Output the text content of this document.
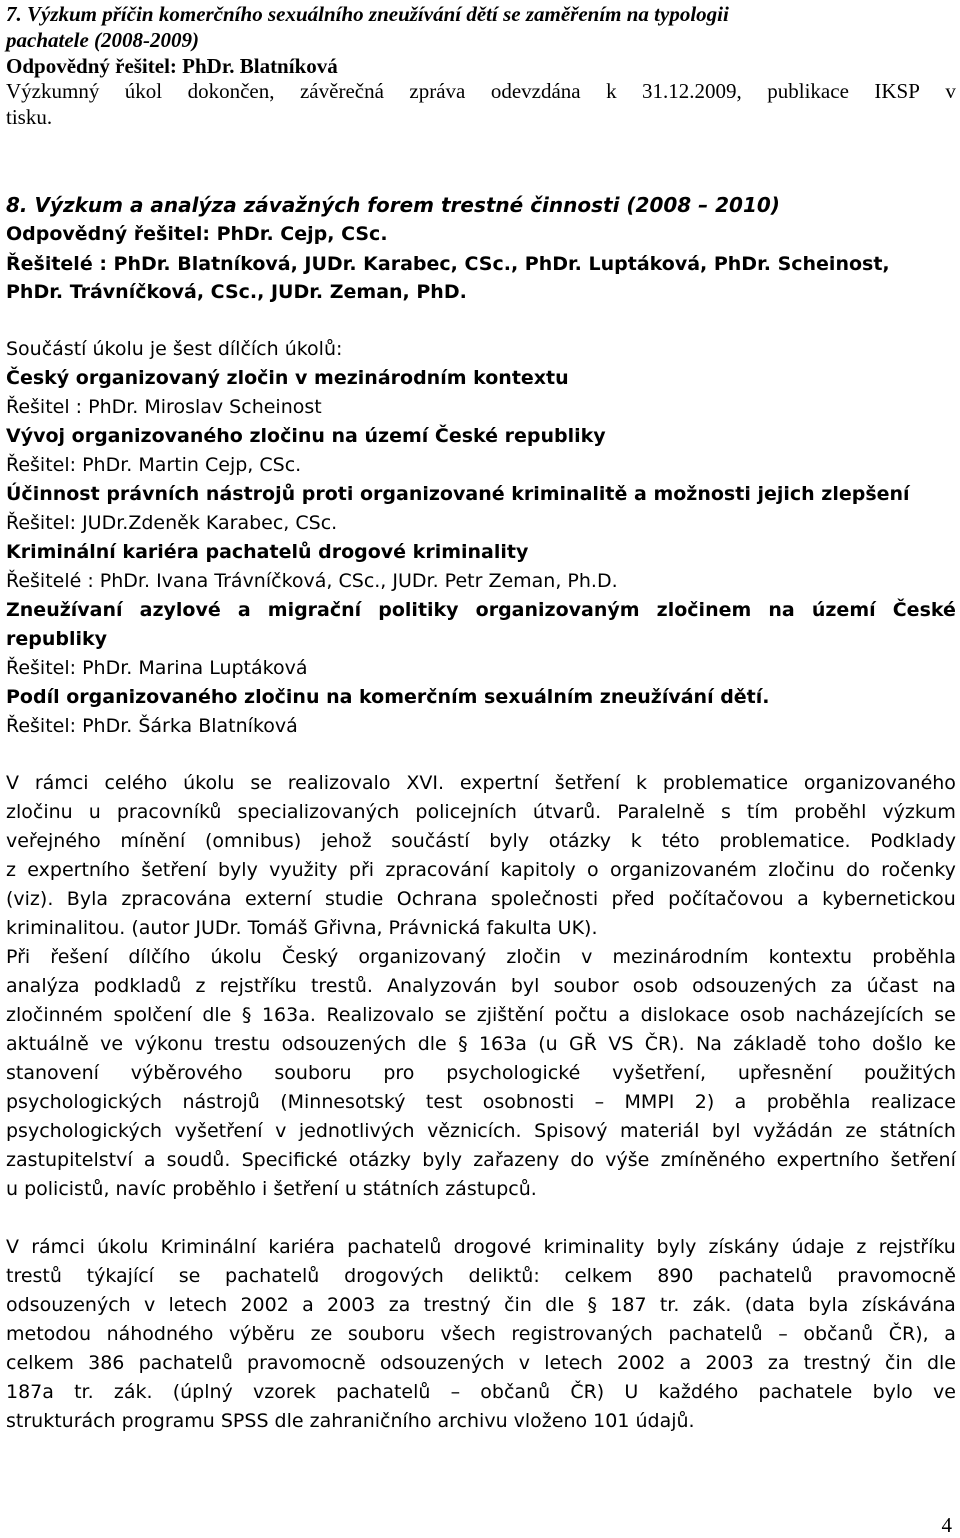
7. Výzkum příčin komerčního sexuálního zneužívání dětí se zaměřením na typologii
pachatele (2008-2009)
Odpovědný řešitel: PhDr. Blatníková
Výzkumný úkol dokončen, závěrečná zpráva odevzdána k 31.12.2009, publikace IKSP v
tisku.
8. Výzkum a analýza závažných forem trestné činnosti (2008 – 2010)
Odpovědný řešitel: PhDr. Cejp, CSc.
Řešitelé : PhDr. Blatníková, JUDr. Karabec, CSc., PhDr. Luptáková, PhDr. Scheinost,
PhDr. Trávníčková, CSc., JUDr. Zeman, PhD.
Součástí úkolu je šest dílčích úkolů:
Český organizovaný zločin v mezinárodním kontextu
Řešitel : PhDr. Miroslav Scheinost
Vývoj organizovaného zločinu na území České republiky
Řešitel: PhDr. Martin Cejp, CSc.
Účinnost právních nástrojů proti organizované kriminalitě a možnosti jejich zlepšení
Řešitel: JUDr.Zdeněk Karabec, CSc.
Kriminální kariéra pachatelů drogové kriminality
Řešitelé : PhDr. Ivana Trávníčková, CSc., JUDr. Petr Zeman, Ph.D.
Zneužívaní azylové a migrační politiky organizovaným zločinem na území České
republiky
Řešitel: PhDr. Marina Luptáková
Podíl organizovaného zločinu na komerčním sexuálním zneužívání dětí.
Řešitel: PhDr. Šárka Blatníková
V rámci celého úkolu se realizovalo XVI. expertní šetření k problematice organizovaného
zločinu u pracovníků specializovaných policejních útvarů. Paralelně s tím proběhl výzkum
veřejného mínění (omnibus) jehož součástí byly otázky k této problematice. Podklady
z expertního šetření byly využity při zpracování kapitoly o organizovaném zločinu do ročenky
(viz). Byla zpracována externí studie Ochrana společnosti před počítačovou a kybernetickou
kriminalitou. (autor JUDr. Tomáš Gřivna, Právnická fakulta UK).
Při řešení dílčího úkolu Český organizovaný zločin v mezinárodním kontextu proběhla
analýza podkladů z rejstříku trestů. Analyzován byl soubor osob odsouzených za účast na
zločinném spolčení dle § 163a. Realizovalo se zjištění počtu a dislokace osob nacházejících se
aktuálně ve výkonu trestu odsouzených dle § 163a (u GŘ VS ČR). Na základě toho došlo ke
stanovení výběrového souboru pro psychologické vyšetření, upřesnění použitých
psychologických nástrojů (Minnesotský test osobnosti – MMPI 2) a proběhla realizace
psychologických vyšetření v jednotlivých věznicích. Spisový materiál byl vyžádán ze státních
zastupitelství a soudů. Specifické otázky byly zařazeny do výše zmíněného expertního šetření
u policistů, navíc proběhlo i šetření u státních zástupců.
V rámci úkolu Kriminální kariéra pachatelů drogové kriminality byly získány údaje z rejstříku
trestů týkající se pachatelů drogových deliktů: celkem 890 pachatelů pravomocně
odsouzených v letech 2002 a 2003 za trestný čin dle § 187 tr. zák. (data byla získávána
metodou náhodného výběru ze souboru všech registrovaných pachatelů – občanů ČR), a
celkem 386 pachatelů pravomocně odsouzených v letech 2002 a 2003 za trestný čin dle
187a tr. zák. (úplný vzorek pachatelů – občanů ČR) U každého pachatele bylo ve
strukturách programu SPSS dle zahraničního archivu vloženo 101 údajů.
4
